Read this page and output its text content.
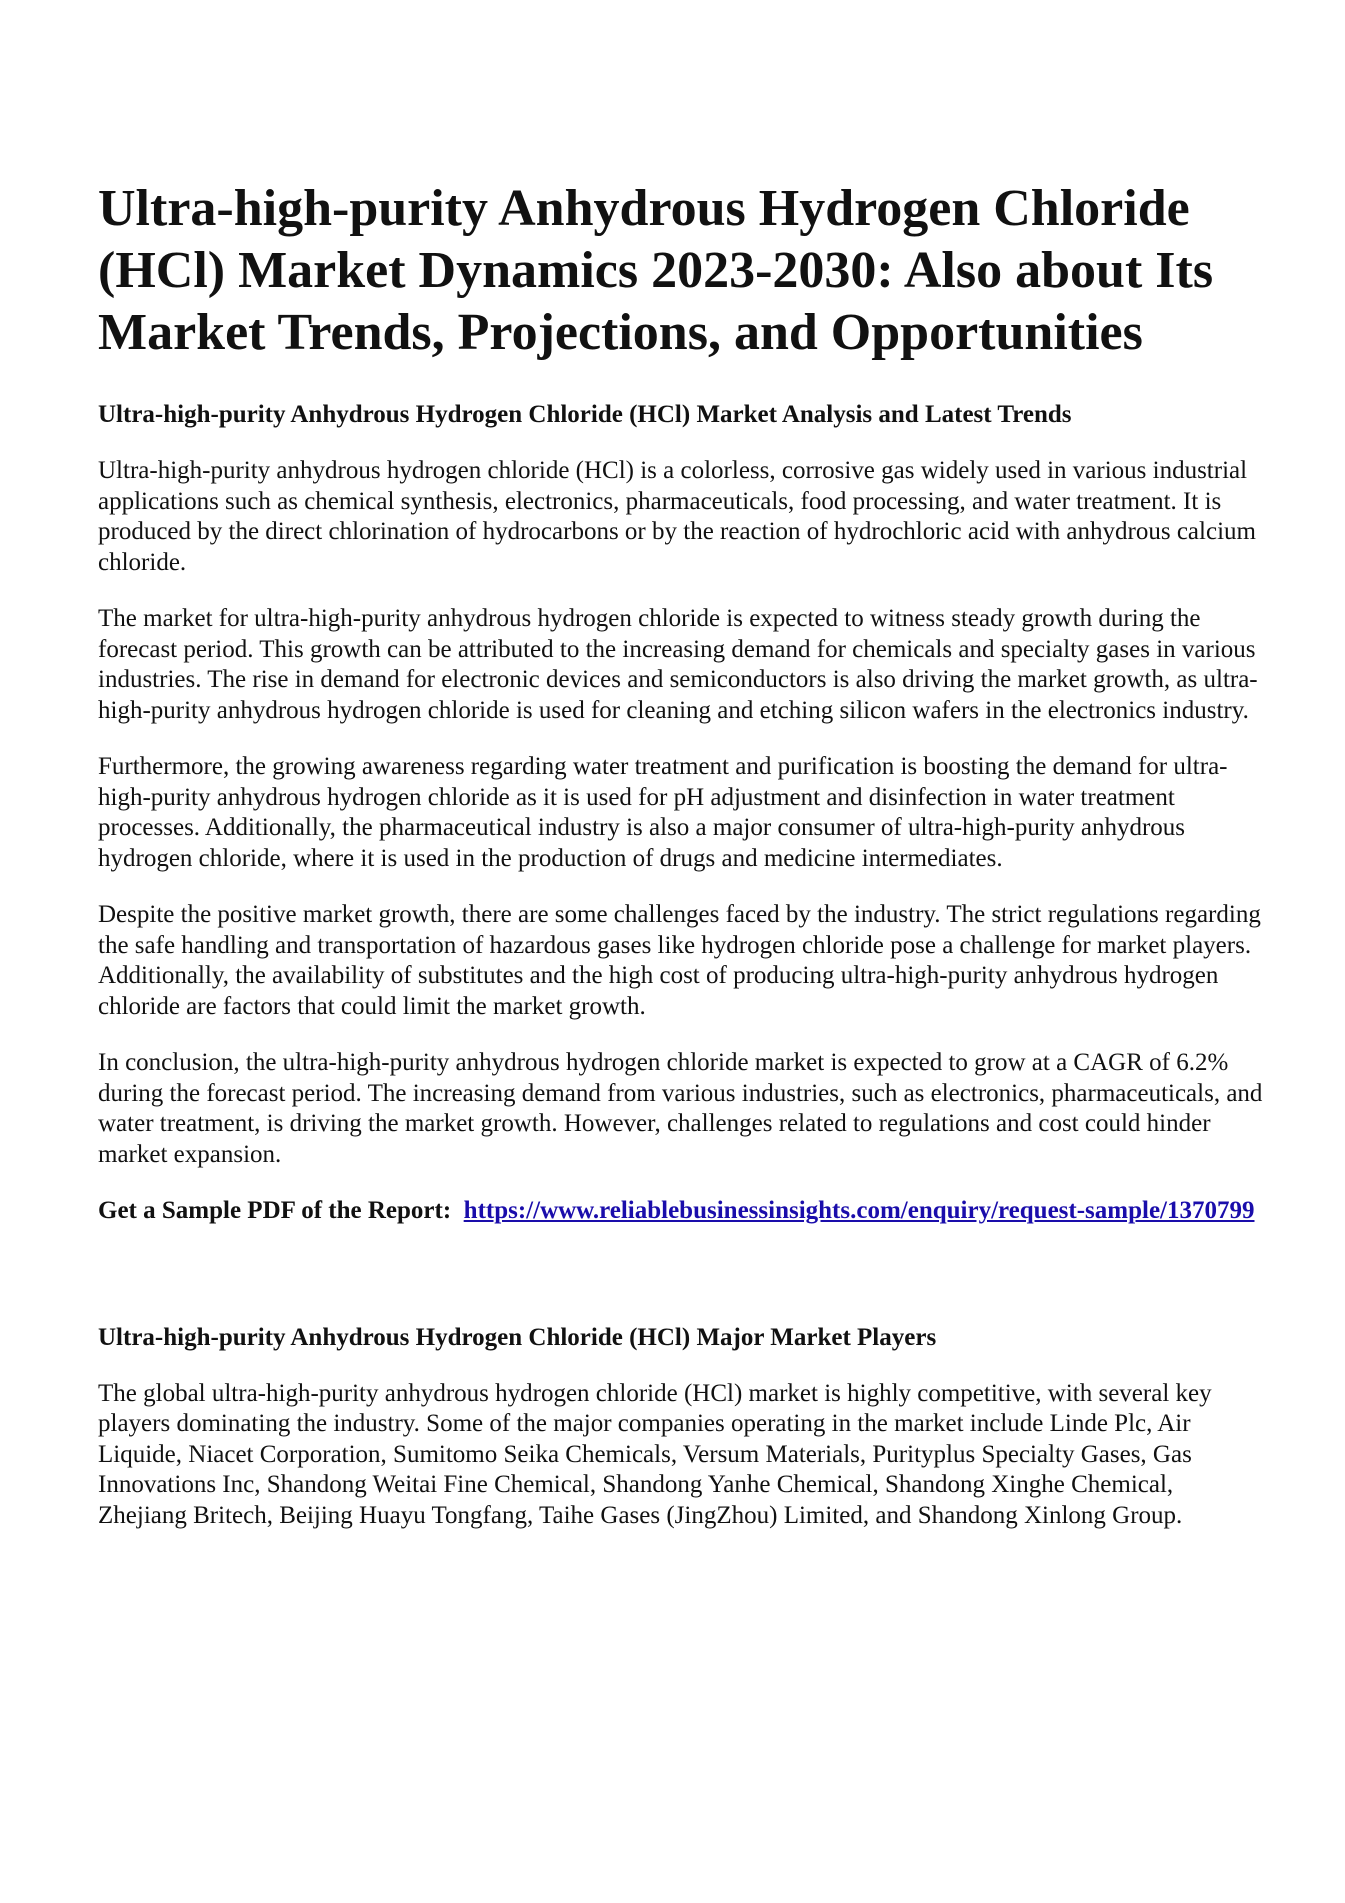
Ultra-high-purity Anhydrous Hydrogen Chloride (HCl) Market Dynamics 2023-2030: Also about Its Market Trends, Projections, and Opportunities
Ultra-high-purity Anhydrous Hydrogen Chloride (HCl) Market Analysis and Latest Trends

Ultra-high-purity anhydrous hydrogen chloride (HCl) is a colorless, corrosive gas widely used in various industrial applications such as chemical synthesis, electronics, pharmaceuticals, food processing, and water treatment. It is produced by the direct chlorination of hydrocarbons or by the reaction of hydrochloric acid with anhydrous calcium chloride.

The market for ultra-high-purity anhydrous hydrogen chloride is expected to witness steady growth during the forecast period. This growth can be attributed to the increasing demand for chemicals and specialty gases in various industries. The rise in demand for electronic devices and semiconductors is also driving the market growth, as ultra-high-purity anhydrous hydrogen chloride is used for cleaning and etching silicon wafers in the electronics industry.

Furthermore, the growing awareness regarding water treatment and purification is boosting the demand for ultra-high-purity anhydrous hydrogen chloride as it is used for pH adjustment and disinfection in water treatment processes. Additionally, the pharmaceutical industry is also a major consumer of ultra-high-purity anhydrous hydrogen chloride, where it is used in the production of drugs and medicine intermediates.

Despite the positive market growth, there are some challenges faced by the industry. The strict regulations regarding the safe handling and transportation of hazardous gases like hydrogen chloride pose a challenge for market players. Additionally, the availability of substitutes and the high cost of producing ultra-high-purity anhydrous hydrogen chloride are factors that could limit the market growth.

In conclusion, the ultra-high-purity anhydrous hydrogen chloride market is expected to grow at a CAGR of 6.2% during the forecast period. The increasing demand from various industries, such as electronics, pharmaceuticals, and water treatment, is driving the market growth. However, challenges related to regulations and cost could hinder market expansion.

Get a Sample PDF of the Report: https://www.reliablebusinessinsights.com/enquiry/request-sample/1370799

Ultra-high-purity Anhydrous Hydrogen Chloride (HCl) Major Market Players

The global ultra-high-purity anhydrous hydrogen chloride (HCl) market is highly competitive, with several key players dominating the industry. Some of the major companies operating in the market include Linde Plc, Air Liquide, Niacet Corporation, Sumitomo Seika Chemicals, Versum Materials, Purityplus Specialty Gases, Gas Innovations Inc, Shandong Weitai Fine Chemical, Shandong Yanhe Chemical, Shandong Xinghe Chemical, Zhejiang Britech, Beijing Huayu Tongfang, Taihe Gases (JingZhou) Limited, and Shandong Xinlong Group.
